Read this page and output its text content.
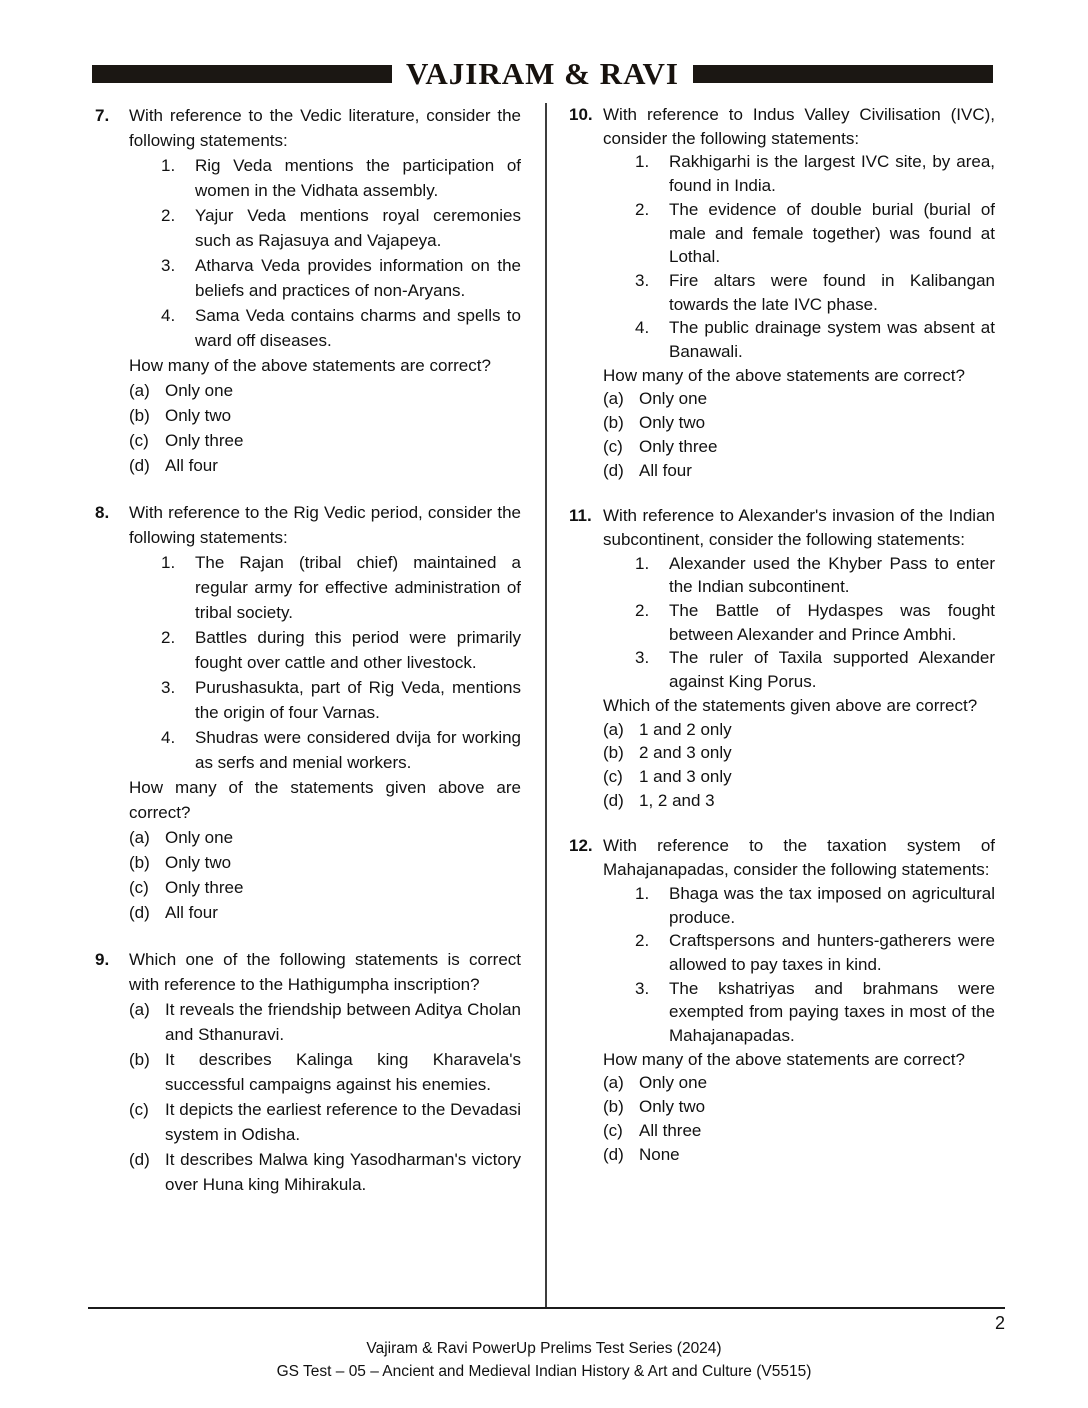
VAJIRAM & RAVI
7.	With reference to the Vedic literature, consider the following statements:

1.	Rig Veda mentions the participation of women in the Vidhata assembly.
2.	Yajur Veda mentions royal ceremonies such as Rajasuya and Vajapeya.
3.	Atharva Veda provides information on the beliefs and practices of non-Aryans.
4.	Sama Veda contains charms and spells to ward off diseases.

How many of the above statements are correct?

(a) Only one
(b) Only two
(c) Only three
(d) All four
8.	With reference to the Rig Vedic period, consider the following statements:

1.	The Rajan (tribal chief) maintained a regular army for effective administration of tribal society.
2.	Battles during this period were primarily fought over cattle and other livestock.
3.	Purushasukta, part of Rig Veda, mentions the origin of four Varnas.
4.	Shudras were considered dvija for working as serfs and menial workers.

How many of the statements given above are correct?

(a) Only one
(b) Only two
(c) Only three
(d) All four
9.	Which one of the following statements is correct with reference to the Hathigumpha inscription?

(a) It reveals the friendship between Aditya Cholan and Sthanuravi.
(b) It describes Kalinga king Kharavela's successful campaigns against his enemies.
(c) It depicts the earliest reference to the Devadasi system in Odisha.
(d) It describes Malwa king Yasodharman's victory over Huna king Mihirakula.
10. With reference to Indus Valley Civilisation (IVC), consider the following statements:

1.	Rakhigarhi is the largest IVC site, by area, found in India.
2.	The evidence of double burial (burial of male and female together) was found at Lothal.
3.	Fire altars were found in Kalibangan towards the late IVC phase.
4.	The public drainage system was absent at Banawali.

How many of the above statements are correct?

(a) Only one
(b) Only two
(c) Only three
(d) All four
11. With reference to Alexander's invasion of the Indian subcontinent, consider the following statements:

1.	Alexander used the Khyber Pass to enter the Indian subcontinent.
2.	The Battle of Hydaspes was fought between Alexander and Prince Ambhi.
3.	The ruler of Taxila supported Alexander against King Porus.

Which of the statements given above are correct?

(a) 1 and 2 only
(b) 2 and 3 only
(c) 1 and 3 only
(d) 1, 2 and 3
12. With reference to the taxation system of Mahajanapadas, consider the following statements:

1.	Bhaga was the tax imposed on agricultural produce.
2.	Craftspersons and hunters-gatherers were allowed to pay taxes in kind.
3.	The kshatriyas and brahmans were exempted from paying taxes in most of the Mahajanapadas.

How many of the above statements are correct?

(a) Only one
(b) Only two
(c) All three
(d) None
2
Vajiram & Ravi PowerUp Prelims Test Series (2024)
GS Test – 05 – Ancient and Medieval Indian History & Art and Culture (V5515)
